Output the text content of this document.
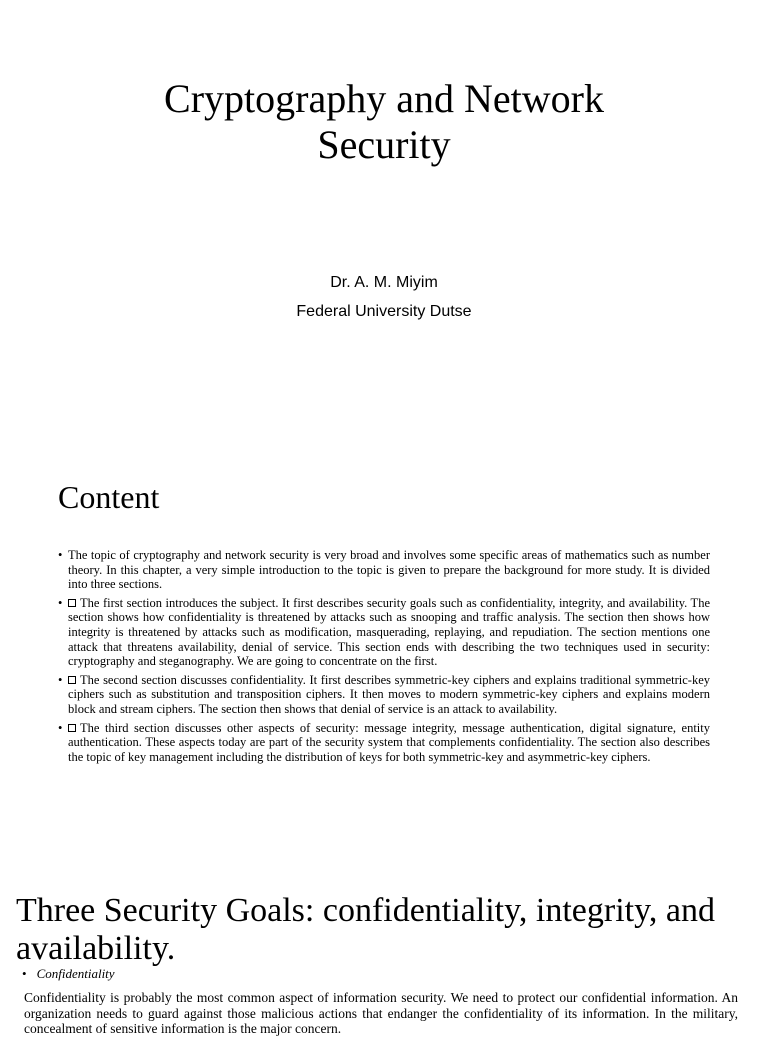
Cryptography and Network
Security
Dr. A. M. Miyim
Federal University Dutse
Content
• The topic of cryptography and network security is very broad and involves some specific areas of mathematics such as number theory. In this chapter, a very simple introduction to the topic is given to prepare the background for more study. It is divided into three sections.
• The first section introduces the subject. It first describes security goals such as confidentiality, integrity, and availability. The section shows how confidentiality is threatened by attacks such as snooping and traffic analysis. The section then shows how integrity is threatened by attacks such as modification, masquerading, replaying, and repudiation. The section mentions one attack that threatens availability, denial of service. This section ends with describing the two techniques used in security: cryptography and steganography. We are going to concentrate on the first.
• The second section discusses confidentiality. It first describes symmetric-key ciphers and explains traditional symmetric-key ciphers such as substitution and transposition ciphers. It then moves to modern symmetric-key ciphers and explains modern block and stream ciphers. The section then shows that denial of service is an attack to availability.
• The third section discusses other aspects of security: message integrity, message authentication, digital signature, entity authentication. These aspects today are part of the security system that complements confidentiality. The section also describes the topic of key management including the distribution of keys for both symmetric-key and asymmetric-key ciphers.
Three Security Goals: confidentiality, integrity, and availability.
• Confidentiality
Confidentiality is probably the most common aspect of information security. We need to protect our confidential information. An organization needs to guard against those malicious actions that endanger the confidentiality of its information. In the military, concealment of sensitive information is the major concern.
